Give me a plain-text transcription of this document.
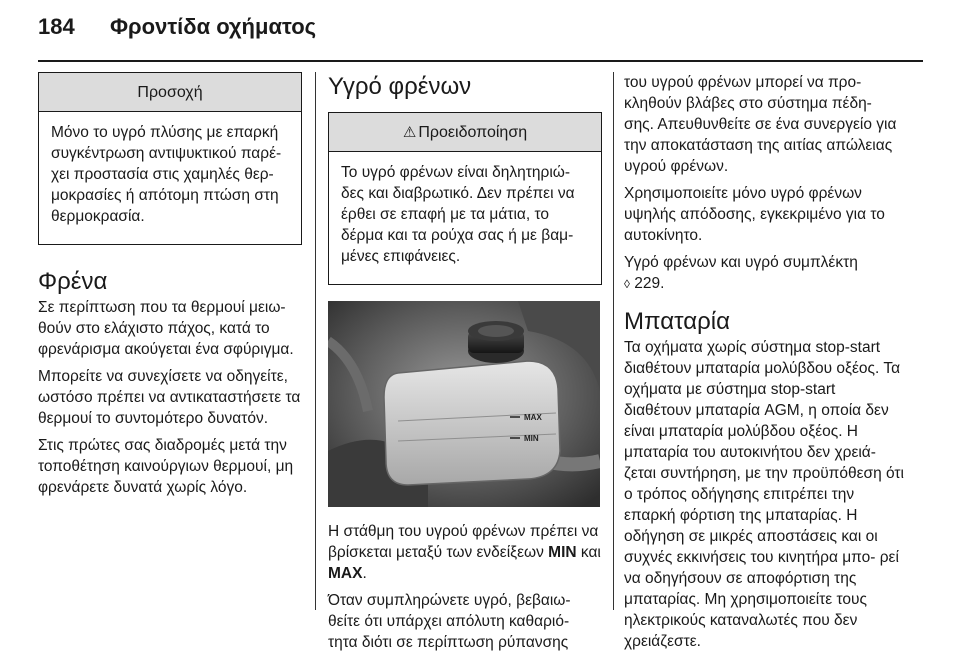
184	Φροντίδα οχήματος
Προσοχή

Μόνο το υγρό πλύσης με επαρκή συγκέντρωση αντιψυκτικού παρέ- χει προστασία στις χαμηλές θερ- μοκρασίες ή απότομη πτώση στη θερμοκρασία.

Φρένα

Σε περίπτωση που τα θερμουί μειω- θούν στο ελάχιστο πάχος, κατά το φρενάρισμα ακούγεται ένα σφύριγμα.

Μπορείτε να συνεχίσετε να οδηγείτε, ωστόσο πρέπει να αντικαταστήσετε τα θερμουί το συντομότερο δυνατόν.

Στις πρώτες σας διαδρομές μετά την τοποθέτηση καινούργιων θερμουί, μη φρενάρετε δυνατά χωρίς λόγο.

Υγρό φρένων
⚠ Προειδοποίηση

Το υγρό φρένων είναι δηλητηριώ- δες και διαβρωτικό. Δεν πρέπει να έρθει σε επαφή με τα μάτια, το δέρμα και τα ρούχα σας ή με βαμ- μένες επιφάνειες.

MAX
MIN

Η στάθμη του υγρού φρένων πρέπει να βρίσκεται μεταξύ των ενδείξεων MIN και MAX.

Όταν συμπληρώνετε υγρό, βεβαιω- θείτε ότι υπάρχει απόλυτη καθαριό- τητα διότι σε περίπτωση ρύπανσης

του υγρού φρένων μπορεί να προ- κληθούν βλάβες στο σύστημα πέδη- σης. Απευθυνθείτε σε ένα συνεργείο για την αποκατάσταση της αιτίας απώλειας υγρού φρένων.

Χρησιμοποιείτε μόνο υγρό φρένων υψηλής απόδοσης, εγκεκριμένο για το αυτοκίνητο.

Υγρό φρένων και υγρό συμπλέκτη
◊ 229.

Μπαταρία

Τα οχήματα χωρίς σύστημα stop-start διαθέτουν μπαταρία μολύβδου οξέος. Τα οχήματα με σύστημα stop-start διαθέτουν μπαταρία AGM, η οποία δεν είναι μπαταρία μολύβδου οξέος. Η μπαταρία του αυτοκινήτου δεν χρειά- ζεται συντήρηση, με την προϋπόθεση ότι ο τρόπος οδήγησης επιτρέπει την επαρκή φόρτιση της μπαταρίας. Η οδήγηση σε μικρές αποστάσεις και οι συχνές εκκινήσεις του κινητήρα μπο- ρεί να οδηγήσουν σε αποφόρτιση της μπαταρίας. Μη χρησιμοποιείτε τους ηλεκτρικούς καταναλωτές που δεν χρειάζεστε.
